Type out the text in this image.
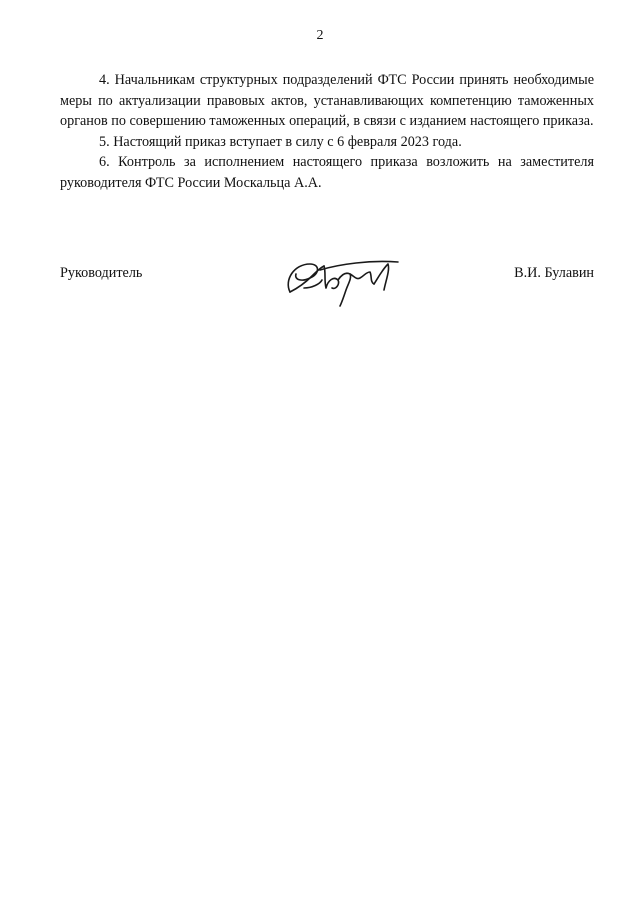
2

4. Начальникам структурных подразделений ФТС России принять необходимые меры по актуализации правовых актов, устанавливающих компетенцию таможенных органов по совершению таможенных операций, в связи с изданием настоящего приказа.

5. Настоящий приказ вступает в силу с 6 февраля 2023 года.

6. Контроль за исполнением настоящего приказа возложить на заместителя руководителя ФТС России Москальца А.А.

Руководитель	В.И. Булавин
